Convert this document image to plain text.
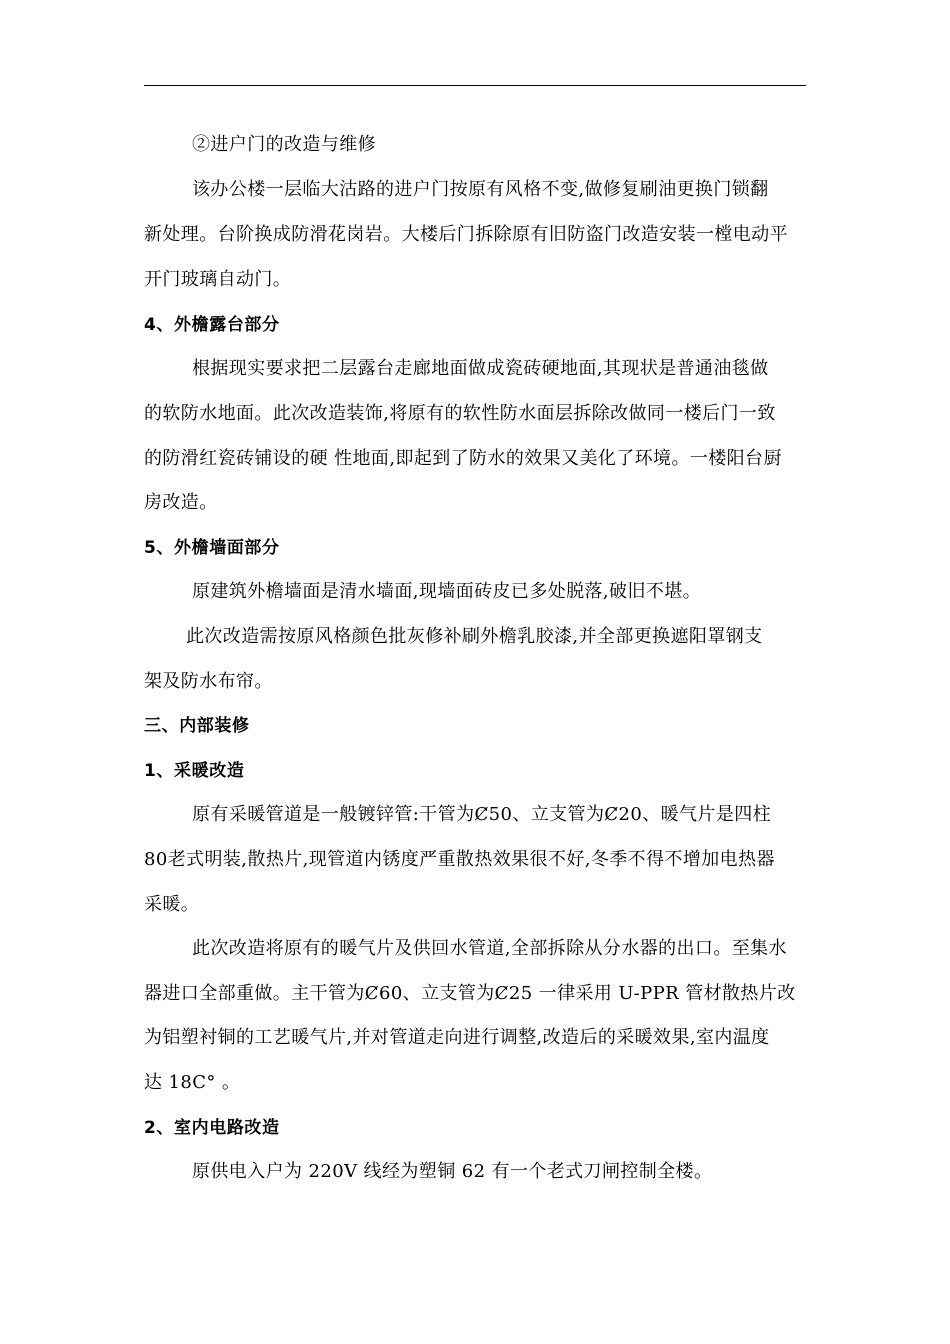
②进户门的改造与维修
该办公楼一层临大沽路的进户门按原有风格不变,做修复刷油更换门锁翻
新处理。台阶换成防滑花岗岩。大楼后门拆除原有旧防盗门改造安装一樘电动平
开门玻璃自动门。
4、外檐露台部分
根据现实要求把二层露台走廊地面做成瓷砖硬地面,其现状是普通油毯做
的软防水地面。此次改造装饰,将原有的软性防水面层拆除改做同一楼后门一致
的防滑红瓷砖铺设的硬 性地面,即起到了防水的效果又美化了环境。一楼阳台厨
房改造。
5、外檐墙面部分
原建筑外檐墙面是清水墙面,现墙面砖皮已多处脱落,破旧不堪。
此次改造需按原风格颜色批灰修补刷外檐乳胶漆,并全部更换遮阳罩钢支
架及防水布帘。
三、内部装修
1、采暖改造
原有采暖管道是一般镀锌管:干管为Ȼ50、立支管为Ȼ20、暖气片是四柱
80老式明装,散热片,现管道内锈度严重散热效果很不好,冬季不得不增加电热器
采暖。
此次改造将原有的暖气片及供回水管道,全部拆除从分水器的出口。至集水
器进口全部重做。主干管为Ȼ60、立支管为Ȼ25 一律采用 U-PPR 管材散热片改
为铝塑衬铜的工艺暖气片,并对管道走向进行调整,改造后的采暖效果,室内温度
达 18C° 。
2、室内电路改造
原供电入户为 220V 线经为塑铜 62 有一个老式刀闸控制全楼。
